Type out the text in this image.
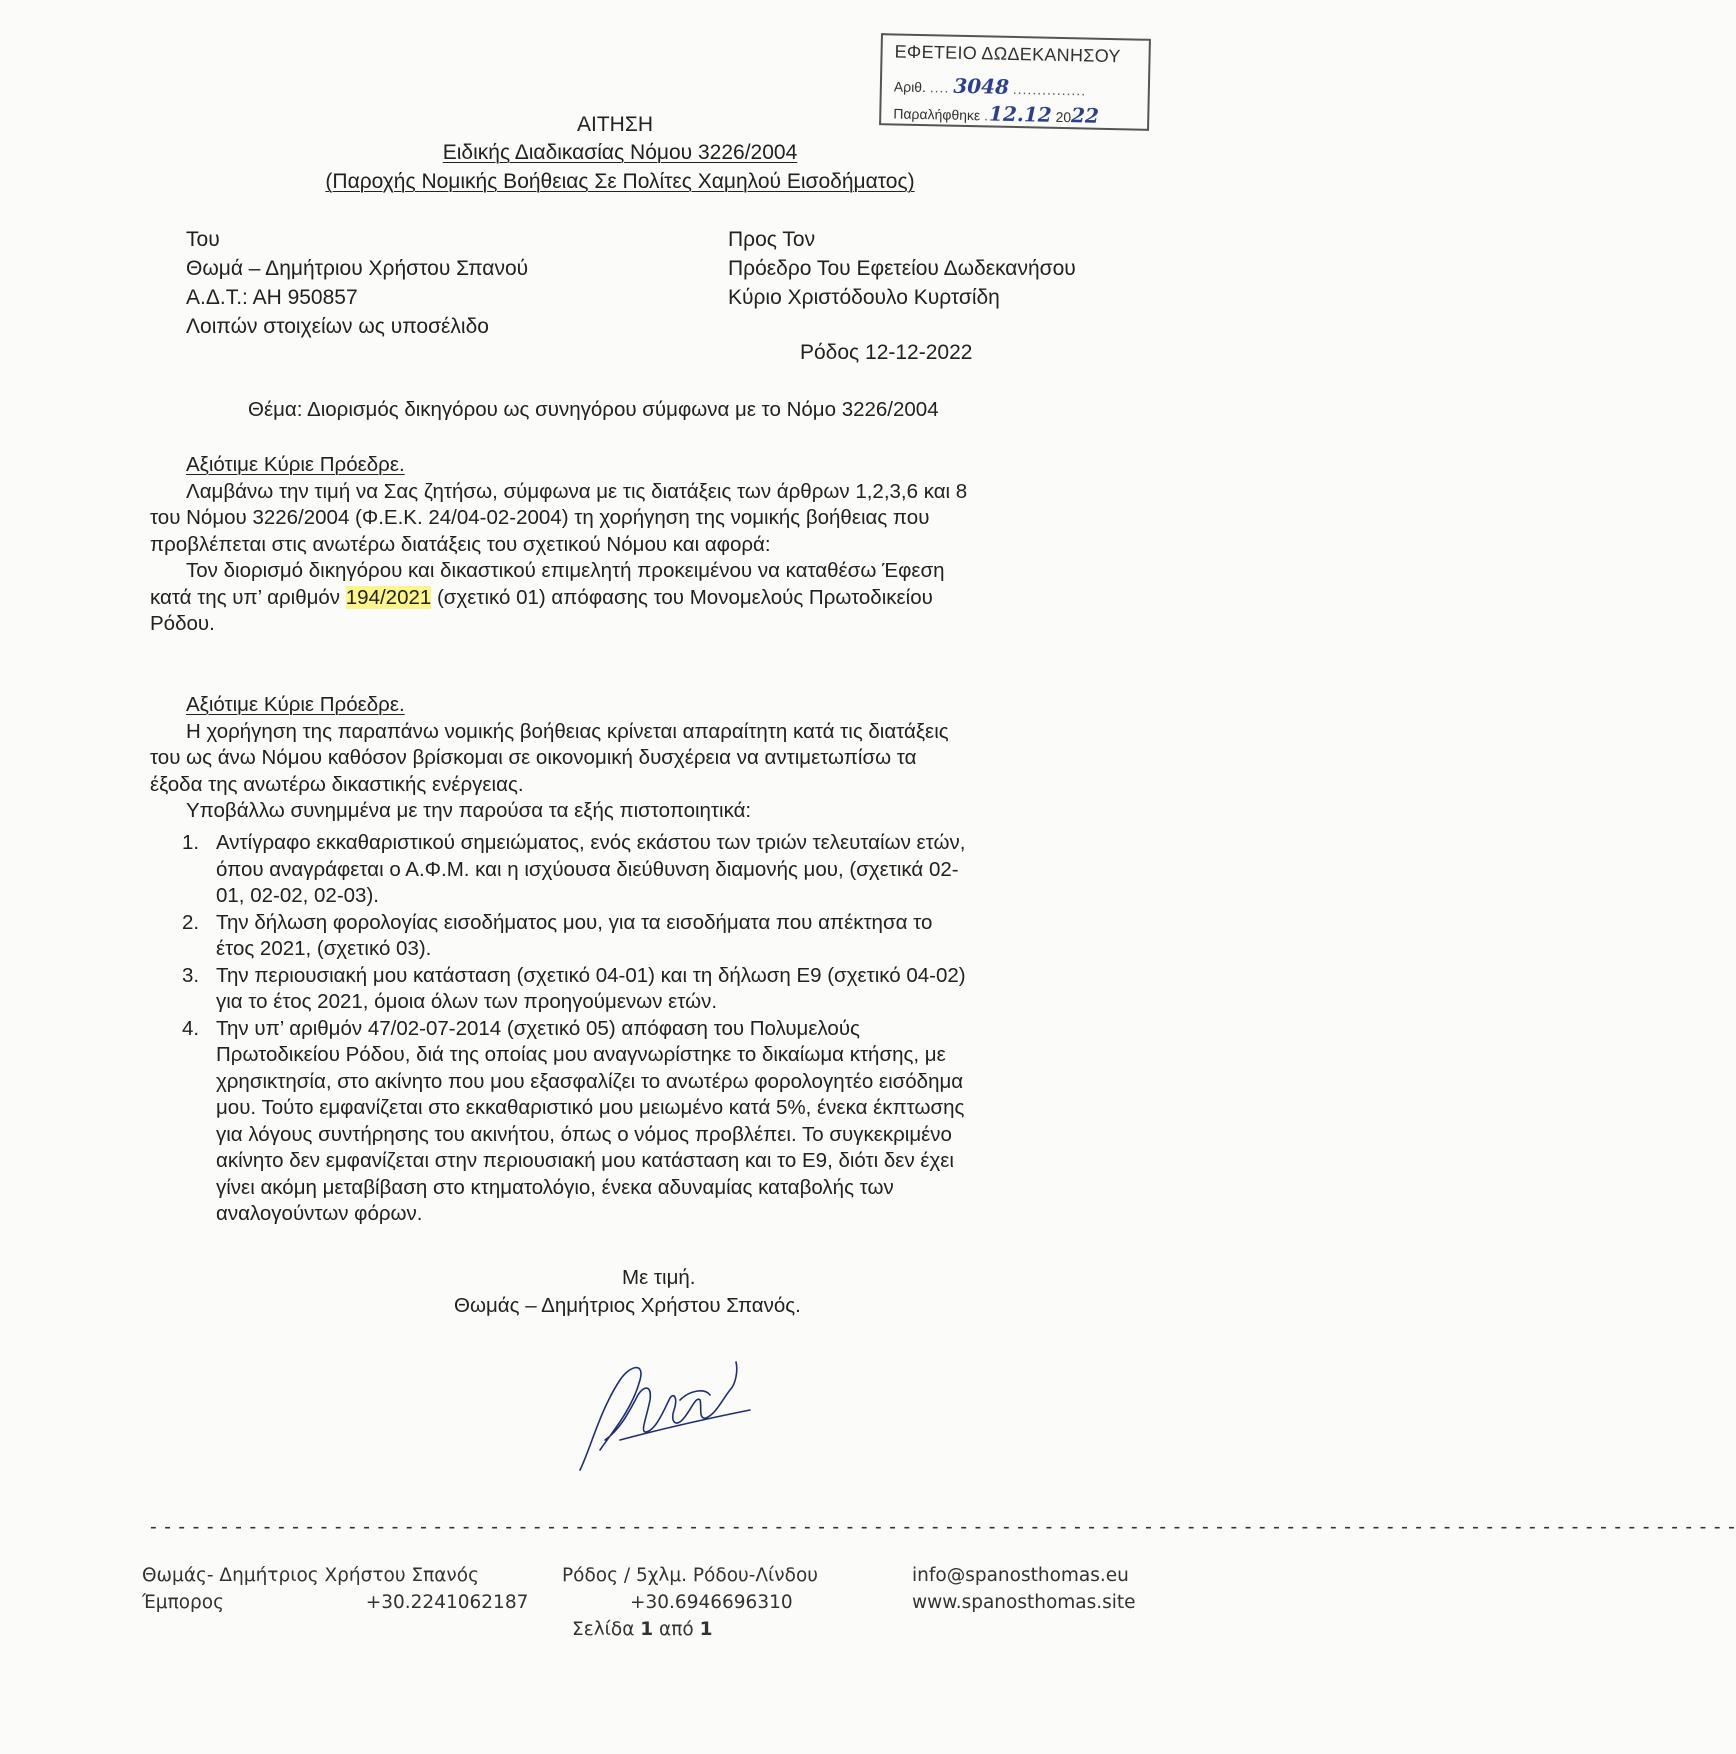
ΕΦΕΤΕΙΟ ΔΩΔΕΚΑΝΗΣΟΥ
Αριθ. .... 3048 ...............
Παραλήφθηκε .12.12 2022
ΑΙΤΗΣΗ
Ειδικής Διαδικασίας Νόμου 3226/2004
(Παροχής Νομικής Βοήθειας Σε Πολίτες Χαμηλού Εισοδήματος)
Του
Θωμά – Δημήτριου Χρήστου Σπανού
Α.Δ.Τ.: ΑΗ 950857
Λοιπών στοιχείων ως υποσέλιδο
Προς Τον
Πρόεδρο Του Εφετείου Δωδεκανήσου
Κύριο Χριστόδουλο Κυρτσίδη
Ρόδος 12-12-2022
Θέμα: Διορισμός δικηγόρου ως συνηγόρου σύμφωνα με το Νόμο 3226/2004
Αξιότιμε Κύριε Πρόεδρε.
Λαμβάνω την τιμή να Σας ζητήσω, σύμφωνα με τις διατάξεις των άρθρων 1,2,3,6 και 8
του Νόμου 3226/2004 (Φ.Ε.Κ. 24/04-02-2004) τη χορήγηση της νομικής βοήθειας που
προβλέπεται στις ανωτέρω διατάξεις του σχετικού Νόμου και αφορά:
Τον διορισμό δικηγόρου και δικαστικού επιμελητή προκειμένου να καταθέσω Έφεση
κατά της υπ’ αριθμόν 194/2021 (σχετικό 01) απόφασης του Μονομελούς Πρωτοδικείου
Ρόδου.
Αξιότιμε Κύριε Πρόεδρε.
Η χορήγηση της παραπάνω νομικής βοήθειας κρίνεται απαραίτητη κατά τις διατάξεις
του ως άνω Νόμου καθόσον βρίσκομαι σε οικονομική δυσχέρεια να αντιμετωπίσω τα
έξοδα της ανωτέρω δικαστικής ενέργειας.
Υποβάλλω συνημμένα με την παρούσα τα εξής πιστοποιητικά:
1. Αντίγραφο εκκαθαριστικού σημειώματος, ενός εκάστου των τριών τελευταίων ετών,
όπου αναγράφεται ο Α.Φ.Μ. και η ισχύουσα διεύθυνση διαμονής μου, (σχετικά 02-
01, 02-02, 02-03).
2. Την δήλωση φορολογίας εισοδήματος μου, για τα εισοδήματα που απέκτησα το
έτος 2021, (σχετικό 03).
3. Την περιουσιακή μου κατάσταση (σχετικό 04-01) και τη δήλωση Ε9 (σχετικό 04-02)
για το έτος 2021, όμοια όλων των προηγούμενων ετών.
4. Την υπ’ αριθμόν 47/02-07-2014 (σχετικό 05) απόφαση του Πολυμελούς
Πρωτοδικείου Ρόδου, διά της οποίας μου αναγνωρίστηκε το δικαίωμα κτήσης, με
χρησικτησία, στο ακίνητο που μου εξασφαλίζει το ανωτέρω φορολογητέο εισόδημα
μου. Τούτο εμφανίζεται στο εκκαθαριστικό μου μειωμένο κατά 5%, ένεκα έκπτωσης
για λόγους συντήρησης του ακινήτου, όπως ο νόμος προβλέπει. Το συγκεκριμένο
ακίνητο δεν εμφανίζεται στην περιουσιακή μου κατάσταση και το Ε9, διότι δεν έχει
γίνει ακόμη μεταβίβαση στο κτηματολόγιο, ένεκα αδυναμίας καταβολής των
αναλογούντων φόρων.
Με τιμή.
Θωμάς – Δημήτριος Χρήστου Σπανός.
- - - - - - - - - - - - - - - - - - - - - - - - - - - - - - - - - - - - - - - - - - - - - - - - - - - - - - - - - - - - - - - - - - - - - - - - - - - - - - - - - - - - - - - - - - - - - - - - - - - - - - - - - - - - - - - -
Θωμάς- Δημήτριος Χρήστου Σπανός
Έμπορος	+30.2241062187
Ρόδος / 5χλμ. Ρόδου-Λίνδου
+30.6946696310
Σελίδα 1 από 1
info@spanosthomas.eu
www.spanosthomas.site
